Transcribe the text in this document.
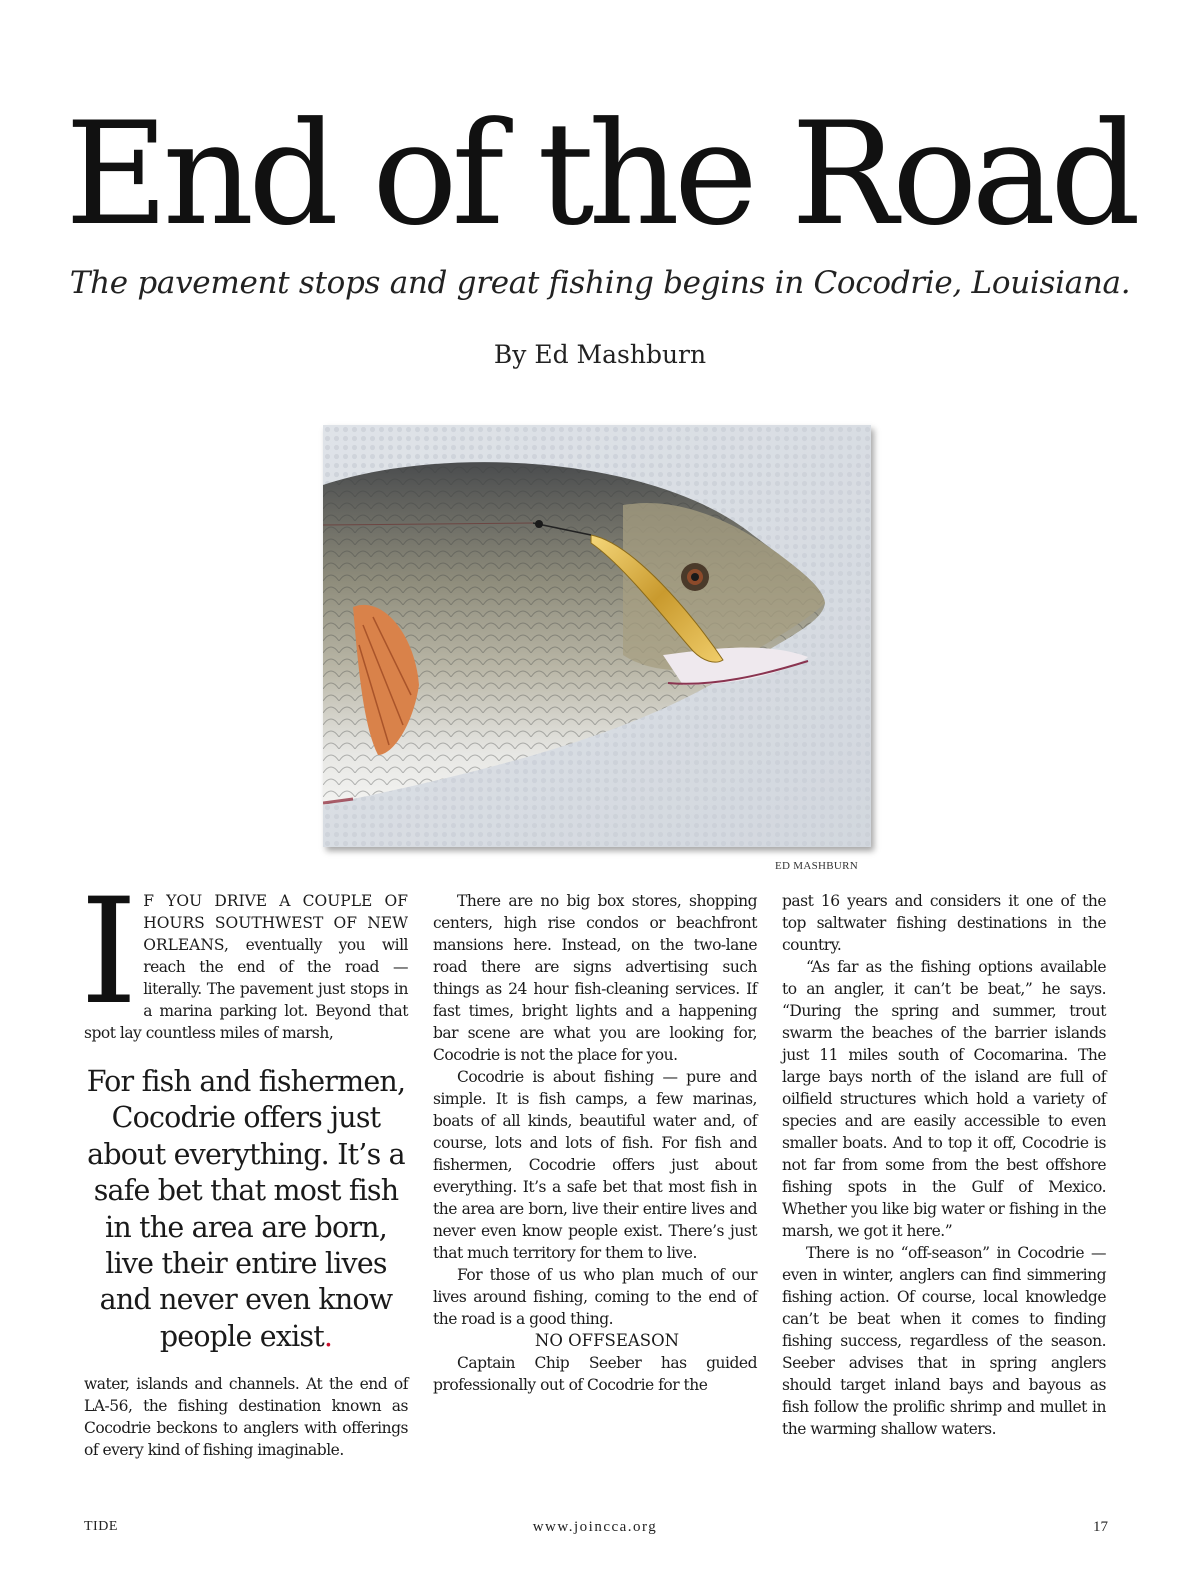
End of the Road
The pavement stops and great fishing begins in Cocodrie, Louisiana.
By Ed Mashburn
ED MASHBURN

I F YOU DRIVE A COUPLE OF HOURS SOUTHWEST OF NEW ORLEANS, eventually you will reach the end of the road — literally. The pavement just stops in a marina parking lot. Beyond that spot lay countless miles of marsh,

For fish and fishermen, Cocodrie offers just about everything. It’s a safe bet that most fish in the area are born, live their entire lives and never even know people exist.

water, islands and channels. At the end of LA-56, the fishing destination known as Cocodrie beckons to anglers with offerings of every kind of fishing imaginable.

There are no big box stores, shopping centers, high rise condos or beachfront mansions here. Instead, on the two-lane road there are signs advertising such things as 24 hour fish-cleaning services. If fast times, bright lights and a happening bar scene are what you are looking for, Cocodrie is not the place for you.

Cocodrie is about fishing — pure and simple. It is fish camps, a few marinas, boats of all kinds, beautiful water and, of course, lots and lots of fish. For fish and fishermen, Cocodrie offers just about everything. It’s a safe bet that most fish in the area are born, live their entire lives and never even know people exist. There’s just that much territory for them to live.

For those of us who plan much of our lives around fishing, coming to the end of the road is a good thing.

NO OFFSEASON

Captain Chip Seeber has guided professionally out of Cocodrie for the

past 16 years and considers it one of the top saltwater fishing destinations in the country.

“As far as the fishing options available to an angler, it can’t be beat,” he says. “During the spring and summer, trout swarm the beaches of the barrier islands just 11 miles south of Cocomarina. The large bays north of the island are full of oilfield structures which hold a variety of species and are easily accessible to even smaller boats. And to top it off, Cocodrie is not far from some from the best offshore fishing spots in the Gulf of Mexico. Whether you like big water or fishing in the marsh, we got it here.”

There is no “off-season” in Cocodrie — even in winter, anglers can find simmering fishing action. Of course, local knowledge can’t be beat when it comes to finding fishing success, regardless of the season. Seeber advises that in spring anglers should target inland bays and bayous as fish follow the prolific shrimp and mullet in the warming shallow waters.

TIDE	www.joincca.org	17
